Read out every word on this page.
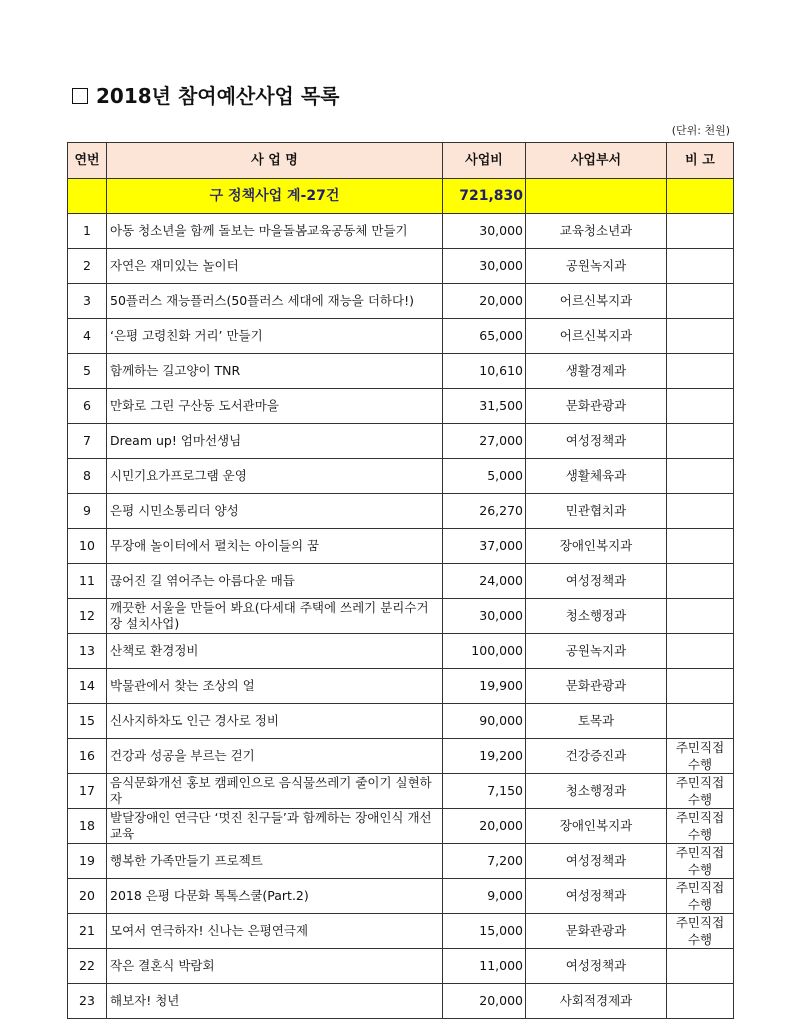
2018년 참여예산사업 목록
(단위: 천원)
연번	사 업 명	사업비	사업부서	비 고
	구 정책사업 계-27건	721,830		
1	아동 청소년을 함께 돌보는 마을돌봄교육공동체 만들기	30,000	교육청소년과	
2	자연은 재미있는 놀이터	30,000	공원녹지과	
3	50플러스 재능플러스(50플러스 세대에 재능을 더하다!)	20,000	어르신복지과	
4	‘은평 고령친화 거리’ 만들기	65,000	어르신복지과	
5	함께하는 길고양이 TNR	10,610	생활경제과	
6	만화로 그린 구산동 도서관마을	31,500	문화관광과	
7	Dream up! 엄마선생님	27,000	여성정책과	
8	시민기요가프로그램 운영	5,000	생활체육과	
9	은평 시민소통리더 양성	26,270	민관협치과	
10	무장애 놀이터에서 펼치는 아이들의 꿈	37,000	장애인복지과	
11	끊어진 길 엮어주는 아름다운 매듭	24,000	여성정책과	
12	깨끗한 서울을 만들어 봐요(다세대 주택에 쓰레기 분리수거장 설치사업)	30,000	청소행정과	
13	산책로 환경정비	100,000	공원녹지과	
14	박물관에서 찾는 조상의 얼	19,900	문화관광과	
15	신사지하차도 인근 경사로 정비	90,000	토목과	
16	건강과 성공을 부르는 걷기	19,200	건강증진과	주민직접 수행
17	음식문화개선 홍보 캠페인으로 음식물쓰레기 줄이기 실현하자	7,150	청소행정과	주민직접 수행
18	발달장애인 연극단 ‘멋진 친구들’과 함께하는 장애인식 개선 교육	20,000	장애인복지과	주민직접 수행
19	행복한 가족만들기 프로젝트	7,200	여성정책과	주민직접 수행
20	2018 은평 다문화 톡톡스쿨(Part.2)	9,000	여성정책과	주민직접 수행
21	모여서 연극하자! 신나는 은평연극제	15,000	문화관광과	주민직접 수행
22	작은 결혼식 박람회	11,000	여성정책과	
23	해보자! 청년	20,000	사회적경제과	
